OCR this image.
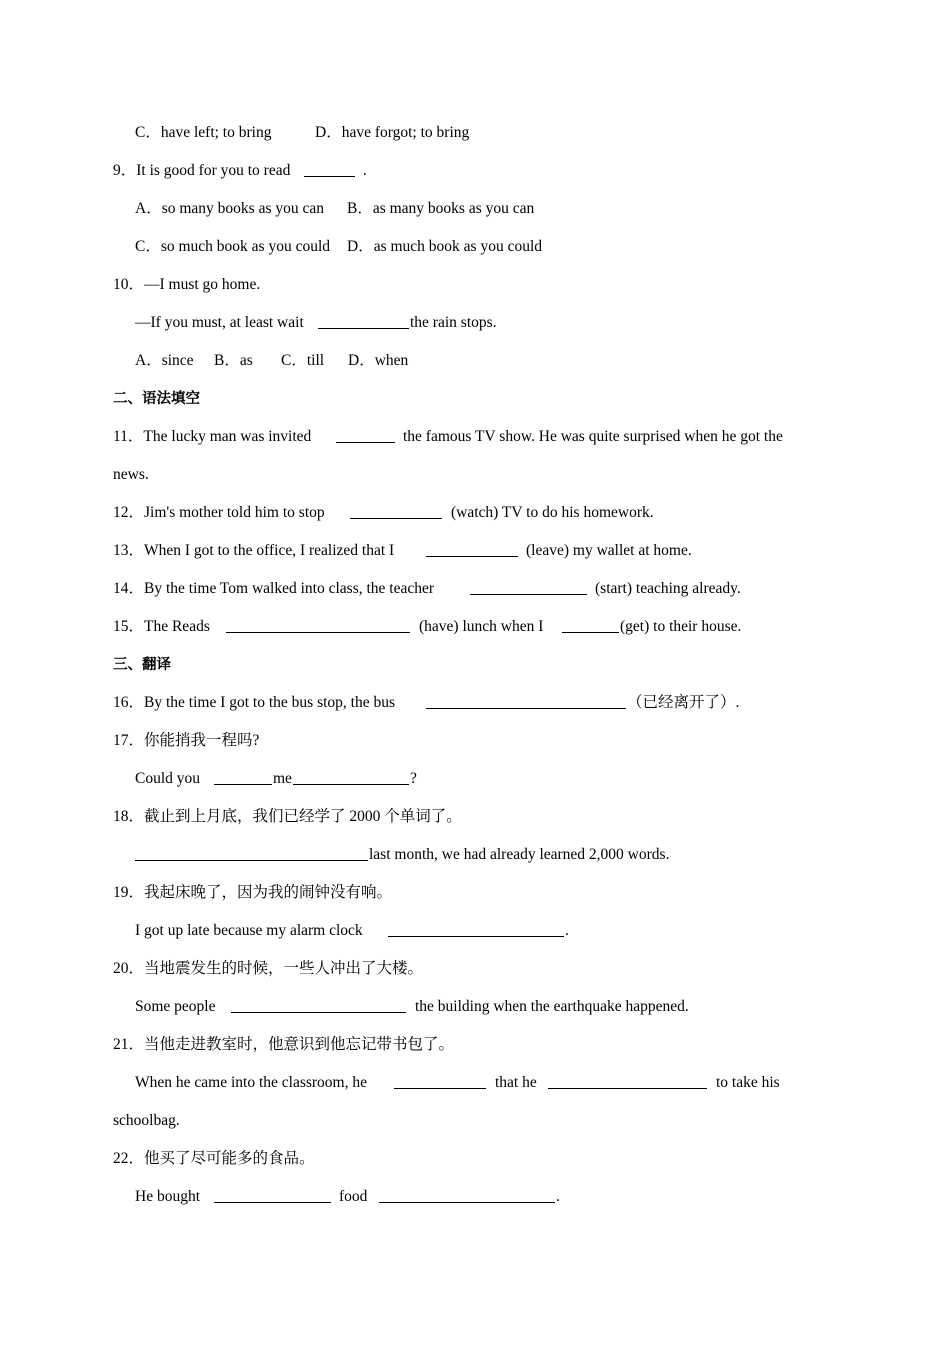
C．have left; to bring

	D．have forgot; to bring

9．It is good for you to read

	.

A．so many books as you can

B．as many books as you can

C．so much book as you could

D．as much book as you could

10．—I must go home.

—If you must, at least wait

	the rain stops.

A．since

B．as

C．till

D．when

二、语法填空

11．The lucky man was invited

	the famous TV show. He was quite surprised when he got the

news.

12．Jim's mother told him to stop

	(watch) TV to do his homework.

13．When I got to the office, I realized that I

	(leave) my wallet at home.

14．By the time Tom walked into class, the teacher

	(start) teaching already.

15．The Reads

	(have) lunch when I

	(get) to their house.

三、翻译

16．By the time I got to the bus stop, the bus

	（已经离开了）.

17．你能捎我一程吗?

Could you

	me

	?

18．截止到上月底，我们已经学了 2000 个单词了。

last month, we had already learned 2,000 words.

19．我起床晚了，因为我的闹钟没有响。

I got up late because my alarm clock

	.

20．当地震发生的时候，一些人冲出了大楼。

Some people

	the building when the earthquake happened.

21．当他走进教室时，他意识到他忘记带书包了。

When he came into the classroom, he

	that he

	to take his

schoolbag.

22．他买了尽可能多的食品。

He bought

	food

	.
